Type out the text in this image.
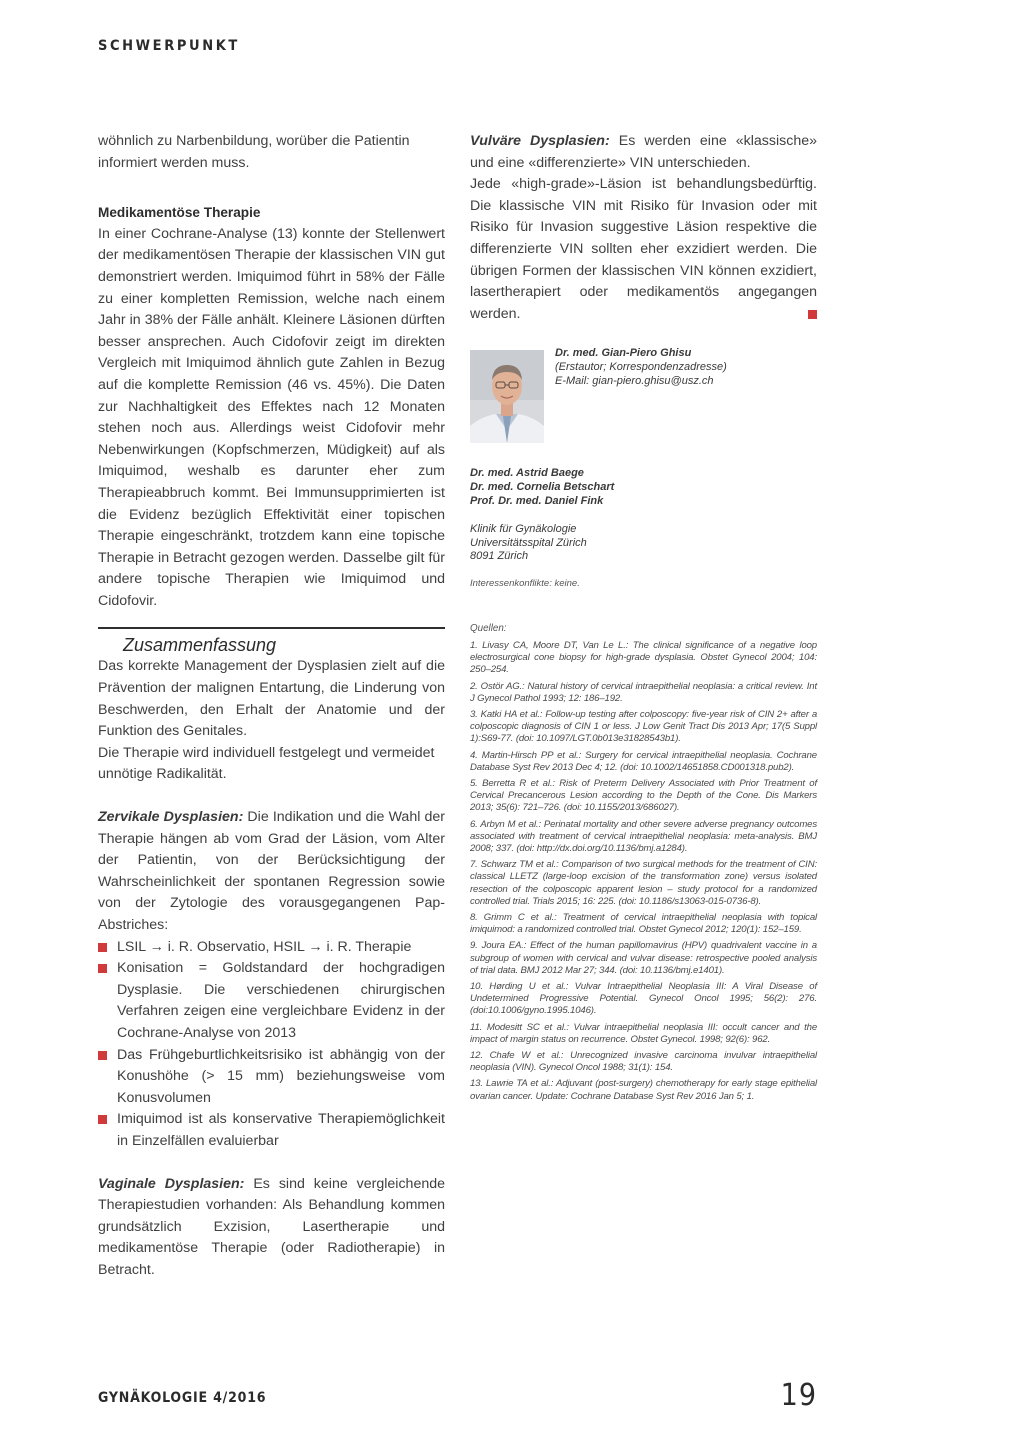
SCHWERPUNKT

wöhnlich zu Narbenbildung, worüber die Patientin informiert werden muss.

Medikamentöse Therapie

In einer Cochrane-Analyse (13) konnte der Stellenwert der medikamentösen Therapie der klassischen VIN gut demonstriert werden. Imiquimod führt in 58% der Fälle zu einer kompletten Remission, welche nach einem Jahr in 38% der Fälle anhält. Kleinere Läsionen dürften besser ansprechen. Auch Cidofovir zeigt im direkten Vergleich mit Imiquimod ähnlich gute Zahlen in Bezug auf die komplette Remission (46 vs. 45%). Die Daten zur Nachhaltigkeit des Effektes nach 12 Monaten stehen noch aus. Allerdings weist Cidofovir mehr Nebenwirkungen (Kopfschmerzen, Müdigkeit) auf als Imiquimod, weshalb es darunter eher zum Therapieabbruch kommt. Bei Immunsupprimierten ist die Evidenz bezüglich Effektivität einer topischen Therapie eingeschränkt, trotzdem kann eine topische Therapie in Betracht gezogen werden. Dasselbe gilt für andere topische Therapien wie Imiquimod und Cidofovir.

Zusammenfassung

Das korrekte Management der Dysplasien zielt auf die Prävention der malignen Entartung, die Linderung von Beschwerden, den Erhalt der Anatomie und der Funktion des Genitales.

Die Therapie wird individuell festgelegt und vermeidet unnötige Radikalität.

Zervikale Dysplasien: Die Indikation und die Wahl der Therapie hängen ab vom Grad der Läsion, vom Alter der Patientin, von der Berücksichtigung der Wahrscheinlichkeit der spontanen Regression sowie von der Zytologie des vorausgegangenen Pap-Abstriches:

LSIL → i. R. Observatio, HSIL → i. R. Therapie
Konisation = Goldstandard der hochgradigen Dysplasie. Die verschiedenen chirurgischen Verfahren zeigen eine vergleichbare Evidenz in der Cochrane-Analyse von 2013
Das Frühgeburtlichkeitsrisiko ist abhängig von der Konushöhe (> 15 mm) beziehungsweise vom Konusvolumen
Imiquimod ist als konservative Therapiemöglichkeit in Einzelfällen evaluierbar

Vaginale Dysplasien: Es sind keine vergleichende Therapiestudien vorhanden: Als Behandlung kommen grundsätzlich Exzision, Lasertherapie und medikamentöse Therapie (oder Radiotherapie) in Betracht.

Vulväre Dysplasien: Es werden eine «klassische» und eine «differenzierte» VIN unterschieden.

Jede «high-grade»-Läsion ist behandlungsbedürftig. Die klassische VIN mit Risiko für Invasion oder mit Risiko für Invasion suggestive Läsion respektive die differenzierte VIN sollten eher exzidiert werden. Die übrigen Formen der klassischen VIN können exzidiert, lasertherapiert oder medikamentös angegangen werden.

Dr. med. Gian-Piero Ghisu

(Erstautor; Korrespondenzadresse)

E-Mail: gian-piero.ghisu@usz.ch

Dr. med. Astrid Baege

Dr. med. Cornelia Betschart

Prof. Dr. med. Daniel Fink

Klinik für Gynäkologie

Universitätsspital Zürich

8091 Zürich

Interessenkonflikte: keine.

Quellen:

1. Livasy CA, Moore DT, Van Le L.: The clinical significance of a negative loop electrosurgical cone biopsy for high-grade dysplasia. Obstet Gynecol 2004; 104: 250–254.
2. Ostör AG.: Natural history of cervical intraepithelial neoplasia: a critical review. Int J Gynecol Pathol 1993; 12: 186–192.
3. Katki HA et al.: Follow-up testing after colposcopy: five-year risk of CIN 2+ after a colposcopic diagnosis of CIN 1 or less. J Low Genit Tract Dis 2013 Apr; 17(5 Suppl 1):S69-77. (doi: 10.1097/LGT.0b013e31828543b1).
4. Martin-Hirsch PP et al.: Surgery for cervical intraepithelial neoplasia. Cochrane Database Syst Rev 2013 Dec 4; 12. (doi: 10.1002/14651858.CD001318.pub2).
5. Berretta R et al.: Risk of Preterm Delivery Associated with Prior Treatment of Cervical Precancerous Lesion according to the Depth of the Cone. Dis Markers 2013; 35(6): 721–726. (doi: 10.1155/2013/686027).
6. Arbyn M et al.: Perinatal mortality and other severe adverse pregnancy outcomes associated with treatment of cervical intraepithelial neoplasia: meta-analysis. BMJ 2008; 337. (doi: http://dx.doi.org/10.1136/bmj.a1284).
7. Schwarz TM et al.: Comparison of two surgical methods for the treatment of CIN: classical LLETZ (large-loop excision of the transformation zone) versus isolated resection of the colposcopic apparent lesion – study protocol for a randomized controlled trial. Trials 2015; 16: 225. (doi: 10.1186/s13063-015-0736-8).
8. Grimm C et al.: Treatment of cervical intraepithelial neoplasia with topical imiquimod: a randomized controlled trial. Obstet Gynecol 2012; 120(1): 152–159.
9. Joura EA.: Effect of the human papillomavirus (HPV) quadrivalent vaccine in a subgroup of women with cervical and vulvar disease: retrospective pooled analysis of trial data. BMJ 2012 Mar 27; 344. (doi: 10.1136/bmj.e1401).
10. Hørding U et al.: Vulvar Intraepithelial Neoplasia III: A Viral Disease of Undetermined Progressive Potential. Gynecol Oncol 1995; 56(2): 276. (doi:10.1006/gyno.1995.1046).
11. Modesitt SC et al.: Vulvar intraepithelial neoplasia III: occult cancer and the impact of margin status on recurrence. Obstet Gynecol. 1998; 92(6): 962.
12. Chafe W et al.: Unrecognized invasive carcinoma invulvar intraepithelial neoplasia (VIN). Gynecol Oncol 1988; 31(1): 154.
13. Lawrie TA et al.: Adjuvant (post-surgery) chemotherapy for early stage epithelial ovarian cancer. Update: Cochrane Database Syst Rev 2016 Jan 5; 1.
GYNÄKOLOGIE 4/2016	19
